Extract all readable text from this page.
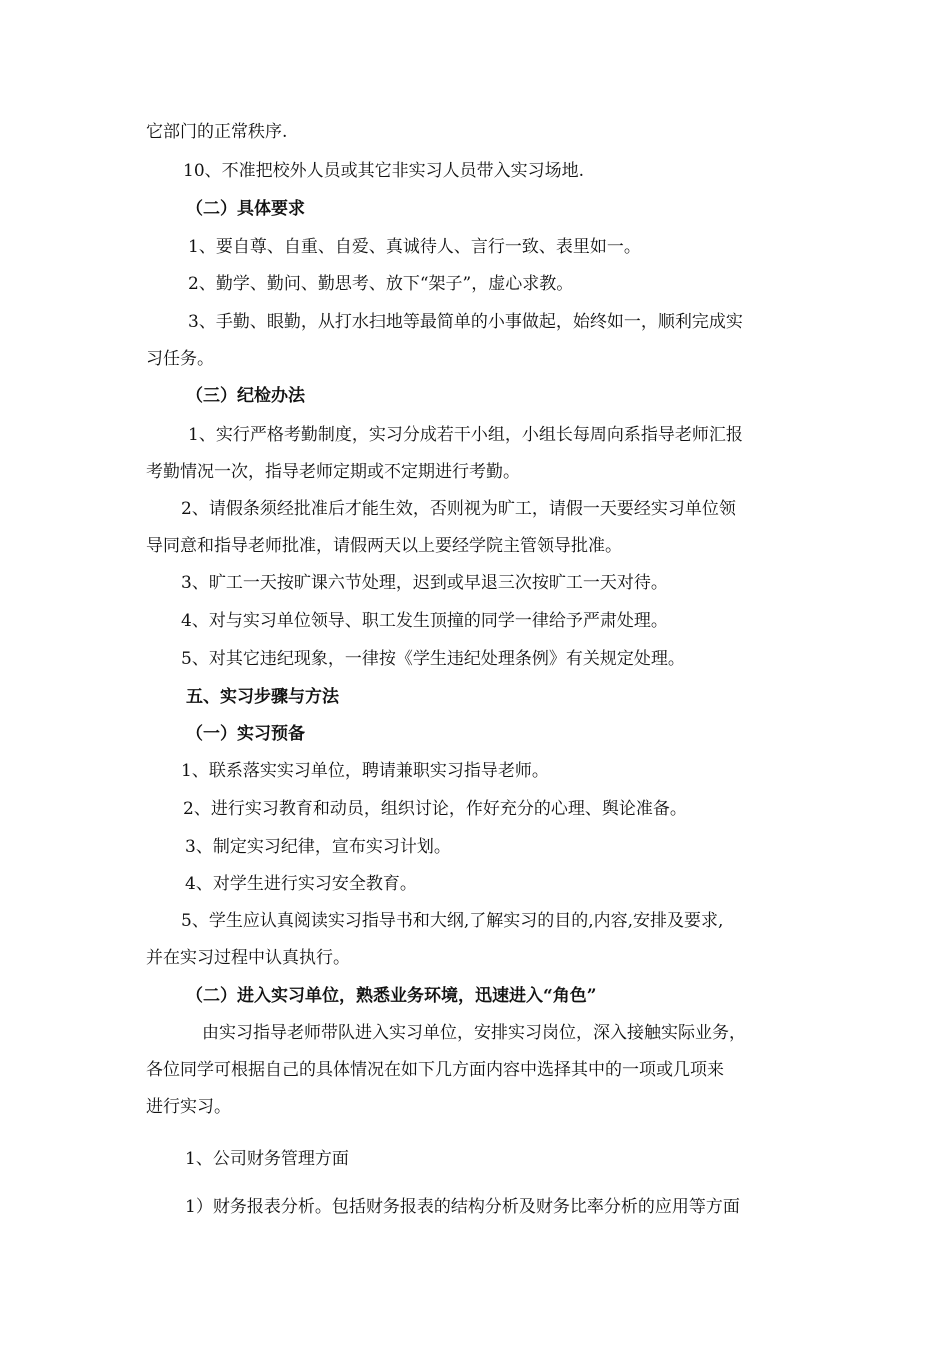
它部门的正常秩序.
10、不准把校外人员或其它非实习人员带入实习场地.
（二）具体要求
1、要自尊、自重、自爱、真诚待人、言行一致、表里如一。
2、勤学、勤问、勤思考、放下“架子”，虚心求教。
3、手勤、眼勤，从打水扫地等最简单的小事做起，始终如一，顺利完成实
习任务。
（三）纪检办法
1、实行严格考勤制度，实习分成若干小组，小组长每周向系指导老师汇报
考勤情况一次，指导老师定期或不定期进行考勤。
2、请假条须经批准后才能生效，否则视为旷工，请假一天要经实习单位领
导同意和指导老师批准，请假两天以上要经学院主管领导批准。
3、旷工一天按旷课六节处理，迟到或早退三次按旷工一天对待。
4、对与实习单位领导、职工发生顶撞的同学一律给予严肃处理。
5、对其它违纪现象，一律按《学生违纪处理条例》有关规定处理。
五、实习步骤与方法
（一）实习预备
1、联系落实实习单位，聘请兼职实习指导老师。
2、进行实习教育和动员，组织讨论，作好充分的心理、舆论准备。
3、制定实习纪律，宣布实习计划。
4、对学生进行实习安全教育。
5、学生应认真阅读实习指导书和大纲,了解实习的目的,内容,安排及要求,
并在实习过程中认真执行。
（二）进入实习单位，熟悉业务环境，迅速进入“角色”
由实习指导老师带队进入实习单位，安排实习岗位，深入接触实际业务，
各位同学可根据自己的具体情况在如下几方面内容中选择其中的一项或几项来
进行实习。
1、公司财务管理方面
1）财务报表分析。包括财务报表的结构分析及财务比率分析的应用等方面
